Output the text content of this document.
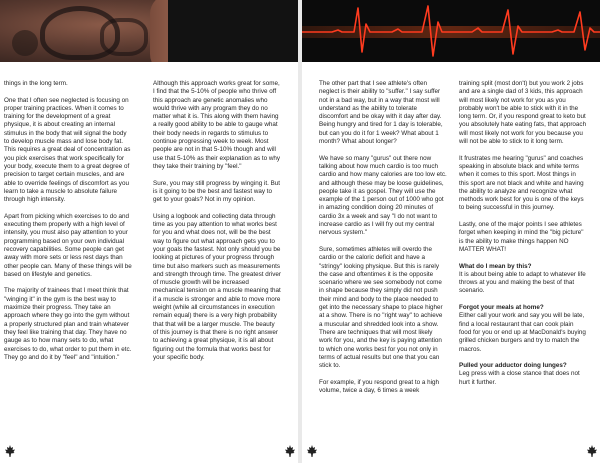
things in the long term.

One that I often see neglected is focusing on proper training practices. When it comes to training for the development of a great physique, it is about creating an internal stimulus in the body that will signal the body to develop muscle mass and lose body fat. This requires a great deal of concentration as you pick exercises that work specifically for your body, execute them to a great degree of precision to target certain muscles, and are able to override feelings of discomfort as you learn to take a muscle to absolute failure through high intensity.

Apart from picking which exercises to do and executing them properly with a high level of intensity, you must also pay attention to your programming based on your own individual recovery capabilities. Some people can get away with more sets or less rest days than other people can. Many of these things will be based on lifestyle and genetics.

The majority of trainees that I meet think that "winging it" in the gym is the best way to maximize their progress. They take an approach where they go into the gym without a properly structured plan and train whatever they feel like training that day. They have no gauge as to how many sets to do, what exercises to do, what order to put them in etc. They go and do it by "feel" and "intuition."

Although this approach works great for some, I find that the 5-10% of people who thrive off this approach are genetic anomalies who would thrive with any program they do no matter what it is. This along with them having a really good ability to be able to gauge what their body needs in regards to stimulus to continue progressing week to week. Most people are not in that 5-10% though and will use that 5-10% as their explanation as to why they take their training by "feel."

Sure, you may still progress by winging it. But is it going to be the best and fastest way to get to your goals? Not in my opinion.

Using a logbook and collecting data through time as you pay attention to what works best for you and what does not, will be the best way to figure out what approach gets you to your goals the fastest. Not only should you be looking at pictures of your progress through time but also markers such as measurements and strength through time. The greatest driver of muscle growth will be increased mechanical tension on a muscle meaning that if a muscle is stronger and able to move more weight (while all circumstances in execution remain equal) there is a very high probability that that will be a larger muscle. The beauty of this journey is that there is no right answer to achieving a great physique, it is all about figuring out the formula that works best for your specific body.

The other part that I see athlete's often neglect is their ability to "suffer." I say suffer not in a bad way, but in a way that most will understand as the ability to tolerate discomfort and be okay with it day after day. Being hungry and tired for 1 day is tolerable, but can you do it for 1 week? What about 1 month? What about longer?

We have so many "gurus" out there now talking about how much cardio is too much cardio and how many calories are too low etc. and although these may be loose guidelines, people take it as gospel. They will use the example of the 1 person out of 1000 who got in amazing condition doing 20 minutes of cardio 3x a week and say "I do not want to increase cardio as I will fry out my central nervous system."

Sure, sometimes athletes will overdo the cardio or the caloric deficit and have a "stringy" looking physique. But this is rarely the case and oftentimes it is the opposite scenario where we see somebody not come in shape because they simply did not push their mind and body to the place needed to get into the necessary shape to place higher at a show. There is no "right way" to achieve a muscular and shredded look into a show. There are techniques that will most likely work for you, and the key is paying attention to which one works best for you not only in terms of actual results but one that you can stick to.

For example, if you respond great to a high volume, twice a day, 6 times a week

training split (most don't) but you work 2 jobs and are a single dad of 3 kids, this approach will most likely not work for you as you probably won't be able to stick with it in the long term. Or, if you respond great to keto but you absolutely hate eating fats, that approach will most likely not work for you because you will not be able to stick to it long term.

It frustrates me hearing "gurus" and coaches speaking in absolute black and white terms when it comes to this sport. Most things in this sport are not black and white and having the ability to analyze and recognize what methods work best for you is one of the keys to being successful in this journey.

Lastly, one of the major points I see athletes forget when keeping in mind the "big picture" is the ability to make things happen NO MATTER WHAT!

What do I mean by this?

It is about being able to adapt to whatever life throws at you and making the best of that scenario.

Forgot your meals at home?

Either call your work and say you will be late, find a local restaurant that can cook plain food for you or end up at MacDonald's buying grilled chicken burgers and try to match the macros.

Pulled your adductor doing lunges?

Leg press with a close stance that does not hurt it further.
